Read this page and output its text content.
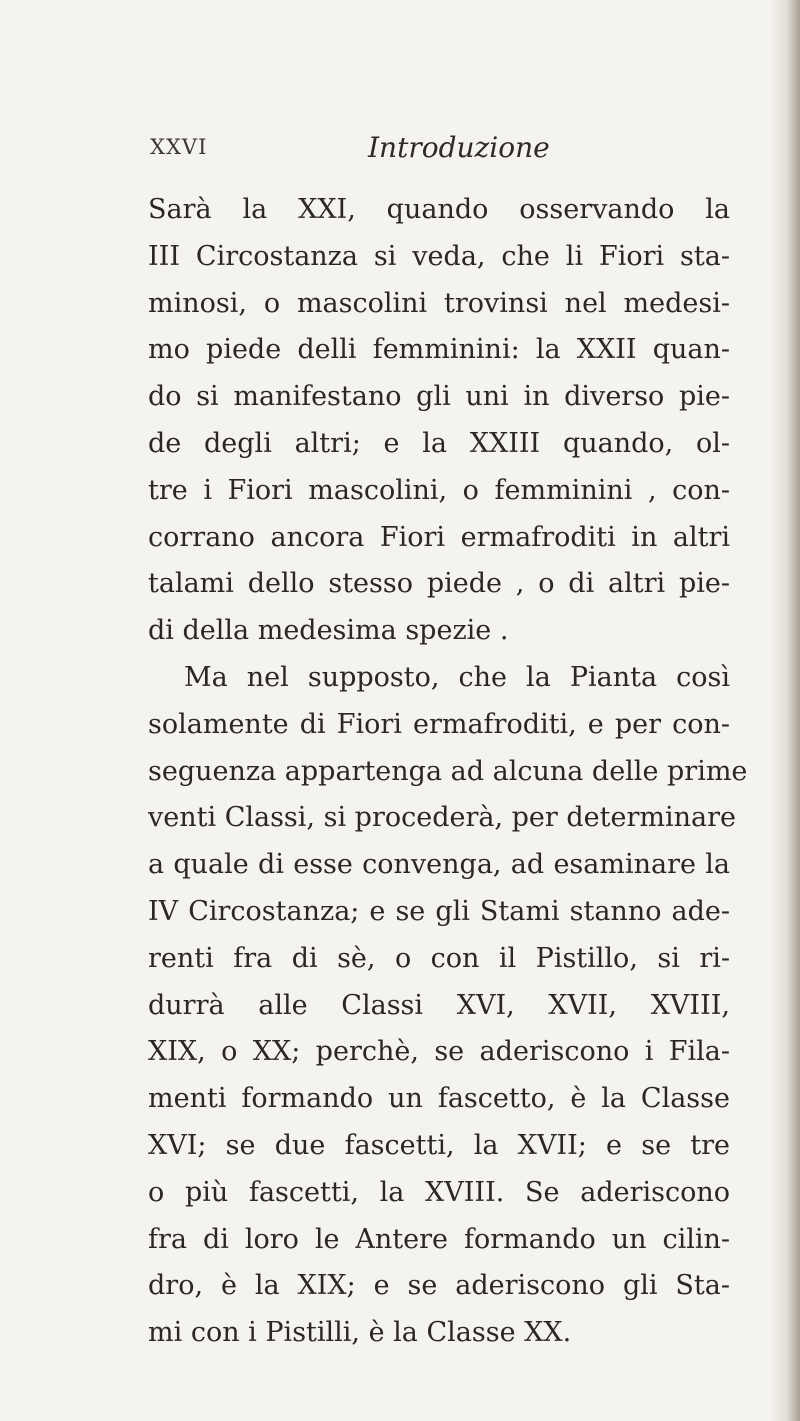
XXVI	Introduzione
Sarà la XXI, quando osservando la
III Circostanza si veda, che li Fiori sta-
minosi, o mascolini trovinsi nel medesi-
mo piede delli femminini: la XXII quan-
do si manifestano gli uni in diverso pie-
de degli altri; e la XXIII quando, ol-
tre i Fiori mascolini, o femminini , con-
corrano ancora Fiori ermafroditi in altri
talami dello stesso piede , o di altri pie-
di della medesima spezie .
Ma nel supposto, che la Pianta così
solamente di Fiori ermafroditi, e per con-
seguenza appartenga ad alcuna delle prime
venti Classi, si procederà, per determinare
a quale di esse convenga, ad esaminare la
IV Circostanza; e se gli Stami stanno ade-
renti fra di sè, o con il Pistillo, si ri-
durrà alle Classi XVI, XVII, XVIII,
XIX, o XX; perchè, se aderiscono i Fila-
menti formando un fascetto, è la Classe
XVI; se due fascetti, la XVII; e se tre
o più fascetti, la XVIII. Se aderiscono
fra di loro le Antere formando un cilin-
dro, è la XIX; e se aderiscono gli Sta-
mi con i Pistilli, è la Classe XX.
